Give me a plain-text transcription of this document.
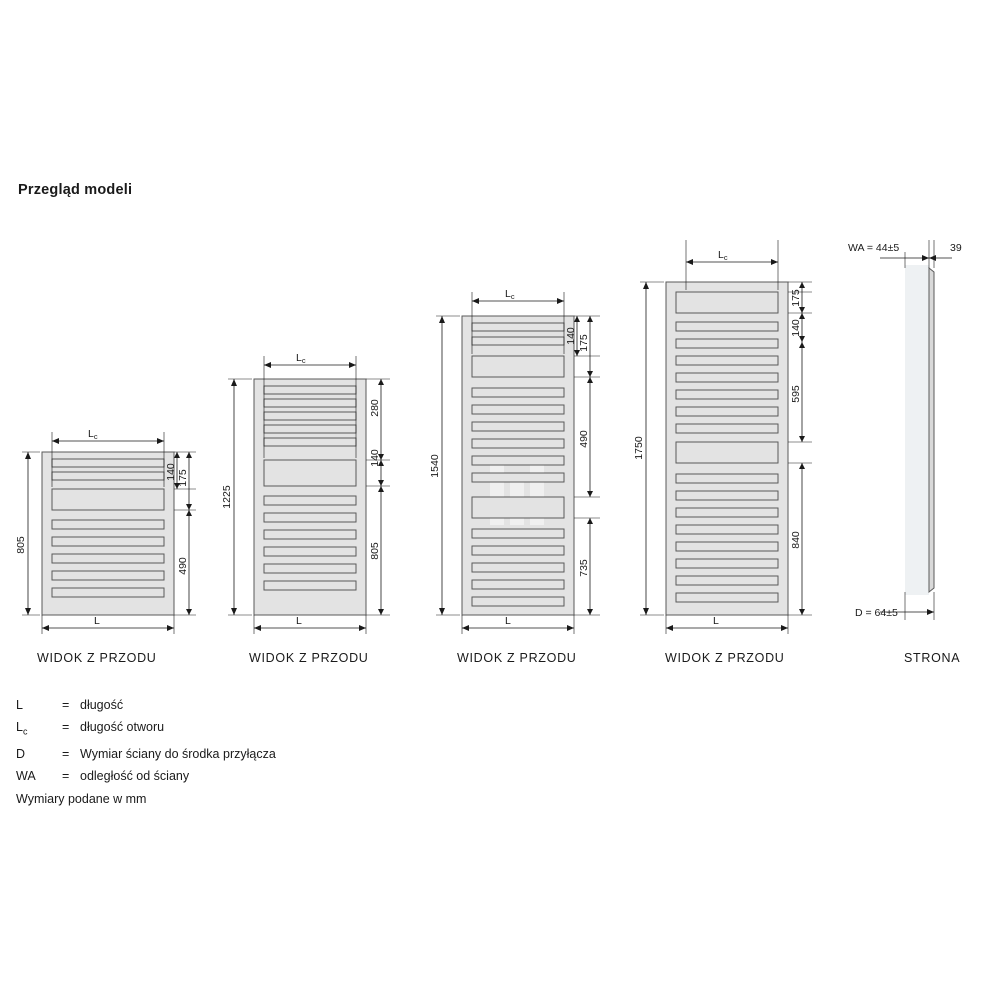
Przegląd modeli
Lc
L
805
140 175
490
Lc
L
1225
280
140
805
Lc
L
1540
140 175
490
735
Lc
L
1750
175
140
595
840
WA = 44±5	39
D = 64±5
WIDOK Z PRZODU	WIDOK Z PRZODU	WIDOK Z PRZODU	WIDOK Z PRZODU	STRONA
L	= długość
$L_c$	= długość otworu
D	= Wymiar ściany do środka przyłącza
WA	= odległość od ściany
Wymiary podane w mm
